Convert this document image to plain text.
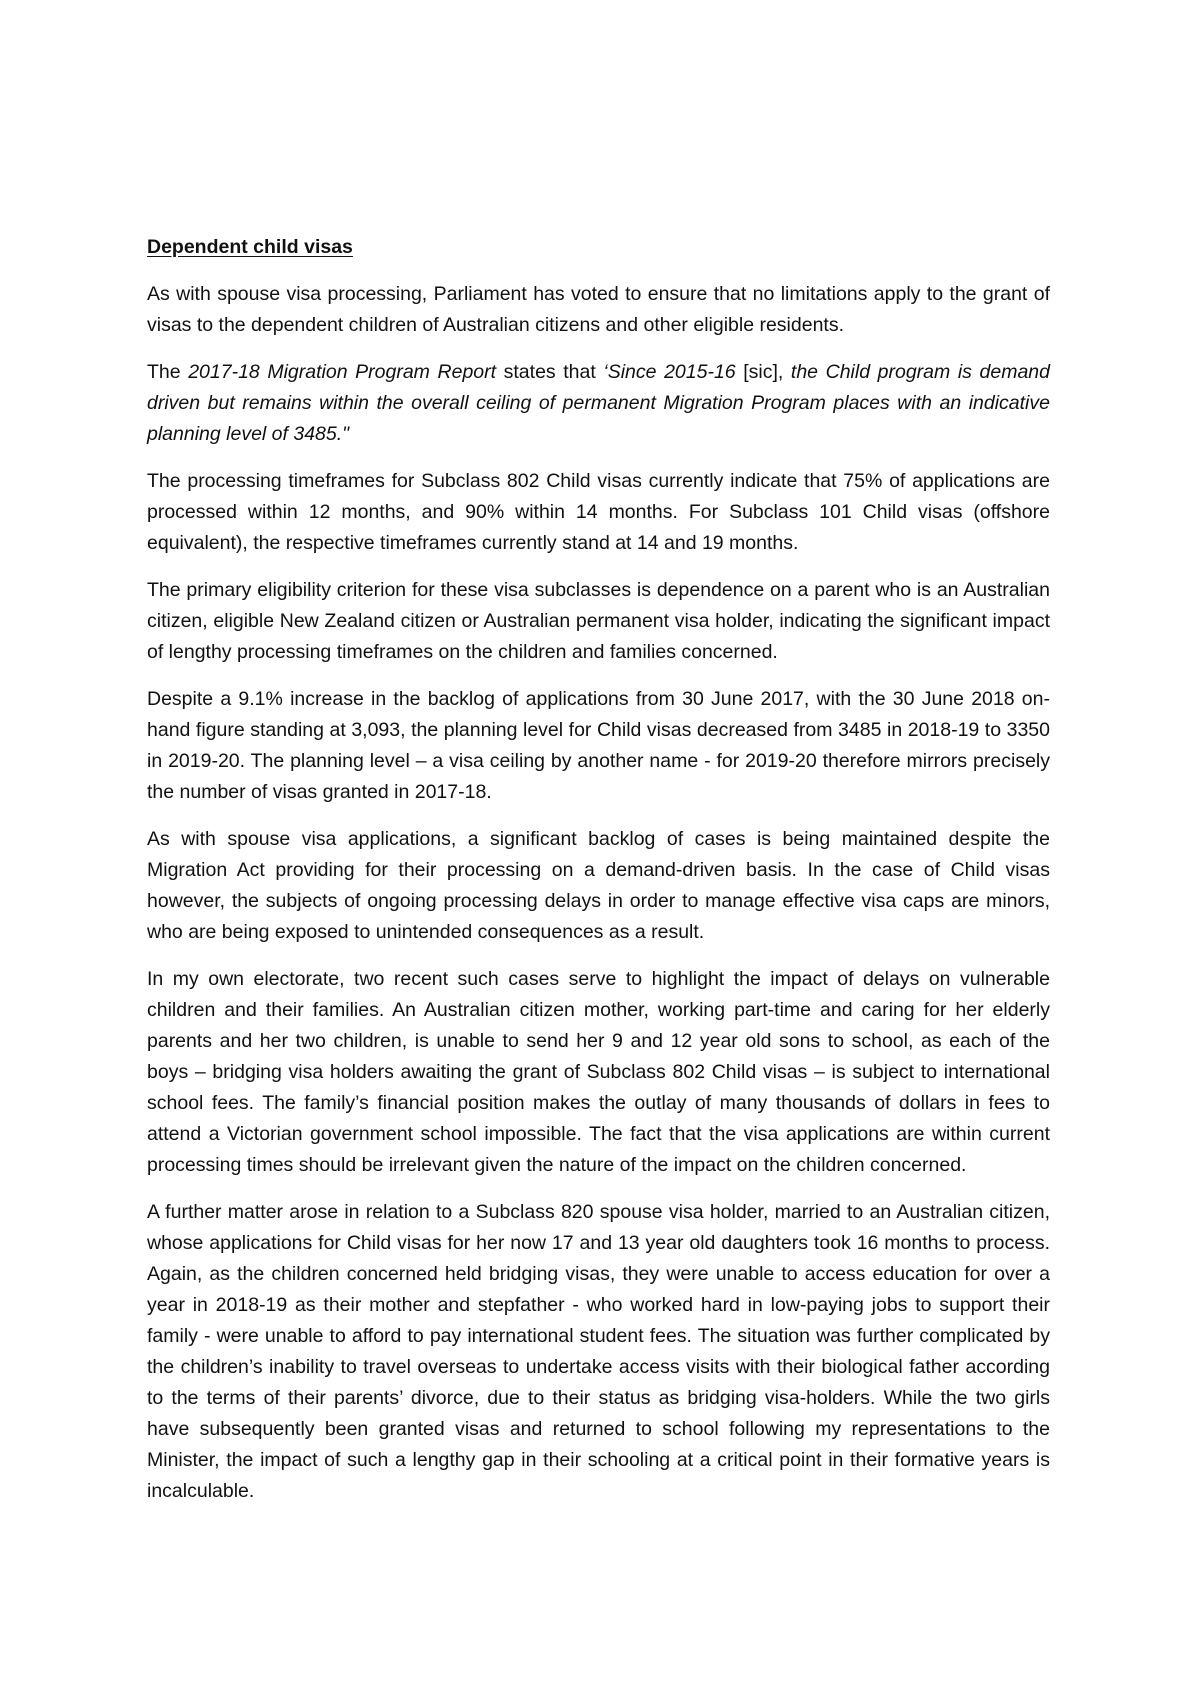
Dependent child visas

As with spouse visa processing, Parliament has voted to ensure that no limitations apply to the grant of visas to the dependent children of Australian citizens and other eligible residents.

The 2017-18 Migration Program Report states that ‘Since 2015-16 [sic], the Child program is demand driven but remains within the overall ceiling of permanent Migration Program places with an indicative planning level of 3485."

The processing timeframes for Subclass 802 Child visas currently indicate that 75% of applications are processed within 12 months, and 90% within 14 months. For Subclass 101 Child visas (offshore equivalent), the respective timeframes currently stand at 14 and 19 months.

The primary eligibility criterion for these visa subclasses is dependence on a parent who is an Australian citizen, eligible New Zealand citizen or Australian permanent visa holder, indicating the significant impact of lengthy processing timeframes on the children and families concerned.

Despite a 9.1% increase in the backlog of applications from 30 June 2017, with the 30 June 2018 on-hand figure standing at 3,093, the planning level for Child visas decreased from 3485 in 2018-19 to 3350 in 2019-20. The planning level – a visa ceiling by another name - for 2019-20 therefore mirrors precisely the number of visas granted in 2017-18.

As with spouse visa applications, a significant backlog of cases is being maintained despite the Migration Act providing for their processing on a demand-driven basis. In the case of Child visas however, the subjects of ongoing processing delays in order to manage effective visa caps are minors, who are being exposed to unintended consequences as a result.

In my own electorate, two recent such cases serve to highlight the impact of delays on vulnerable children and their families. An Australian citizen mother, working part-time and caring for her elderly parents and her two children, is unable to send her 9 and 12 year old sons to school, as each of the boys – bridging visa holders awaiting the grant of Subclass 802 Child visas – is subject to international school fees. The family’s financial position makes the outlay of many thousands of dollars in fees to attend a Victorian government school impossible. The fact that the visa applications are within current processing times should be irrelevant given the nature of the impact on the children concerned.

A further matter arose in relation to a Subclass 820 spouse visa holder, married to an Australian citizen, whose applications for Child visas for her now 17 and 13 year old daughters took 16 months to process. Again, as the children concerned held bridging visas, they were unable to access education for over a year in 2018-19 as their mother and stepfather - who worked hard in low-paying jobs to support their family - were unable to afford to pay international student fees. The situation was further complicated by the children’s inability to travel overseas to undertake access visits with their biological father according to the terms of their parents’ divorce, due to their status as bridging visa-holders. While the two girls have subsequently been granted visas and returned to school following my representations to the Minister, the impact of such a lengthy gap in their schooling at a critical point in their formative years is incalculable.
